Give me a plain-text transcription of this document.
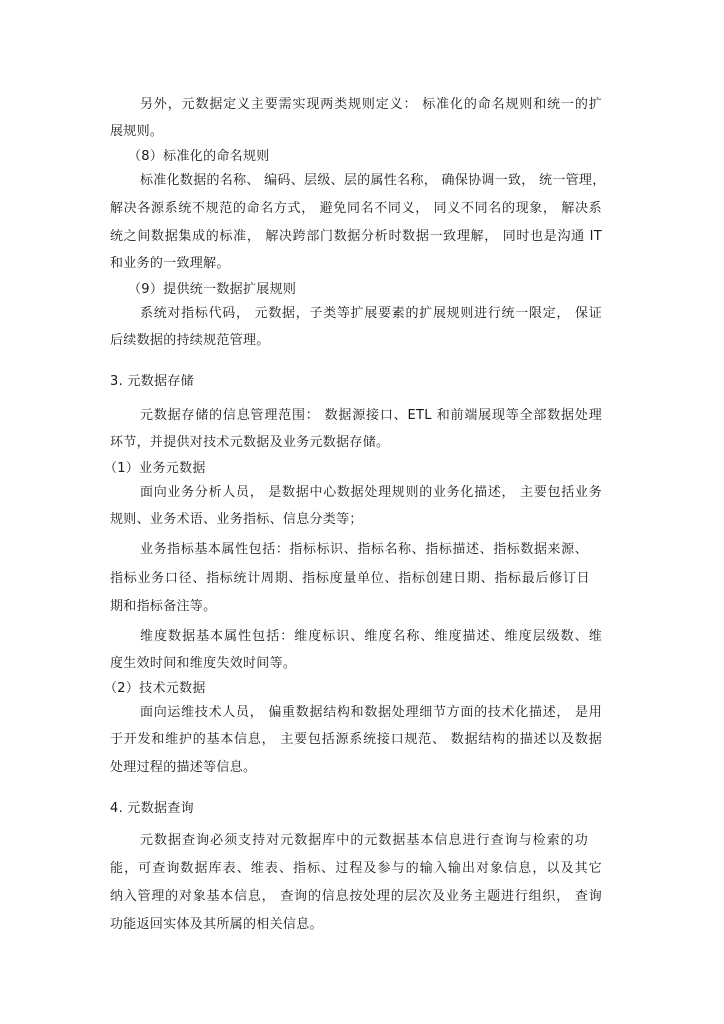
另外，元数据定义主要需实现两类规则定义： 标准化的命名规则和统一的扩
展规则。
（8）标准化的命名规则
标准化数据的名称、 编码、层级、层的属性名称， 确保协调一致， 统一管理，
解决各源系统不规范的命名方式， 避免同名不同义， 同义不同名的现象， 解决系
统之间数据集成的标准， 解决跨部门数据分析时数据一致理解， 同时也是沟通 IT
和业务的一致理解。
（9）提供统一数据扩展规则
系统对指标代码， 元数据，子类等扩展要素的扩展规则进行统一限定， 保证
后续数据的持续规范管理。
3. 元数据存储
元数据存储的信息管理范围： 数据源接口、ETL 和前端展现等全部数据处理
环节，并提供对技术元数据及业务元数据存储。
（1）业务元数据
面向业务分析人员， 是数据中心数据处理规则的业务化描述， 主要包括业务
规则、业务术语、业务指标、信息分类等；
业务指标基本属性包括：指标标识、指标名称、指标描述、指标数据来源、
指标业务口径、指标统计周期、指标度量单位、指标创建日期、指标最后修订日
期和指标备注等。
维度数据基本属性包括：维度标识、维度名称、维度描述、维度层级数、维
度生效时间和维度失效时间等。
（2）技术元数据
面向运维技术人员， 偏重数据结构和数据处理细节方面的技术化描述， 是用
于开发和维护的基本信息， 主要包括源系统接口规范、 数据结构的描述以及数据
处理过程的描述等信息。
4. 元数据查询
元数据查询必须支持对元数据库中的元数据基本信息进行查询与检索的功
能，可查询数据库表、维表、指标、过程及参与的输入输出对象信息，以及其它
纳入管理的对象基本信息， 查询的信息按处理的层次及业务主题进行组织， 查询
功能返回实体及其所属的相关信息。
